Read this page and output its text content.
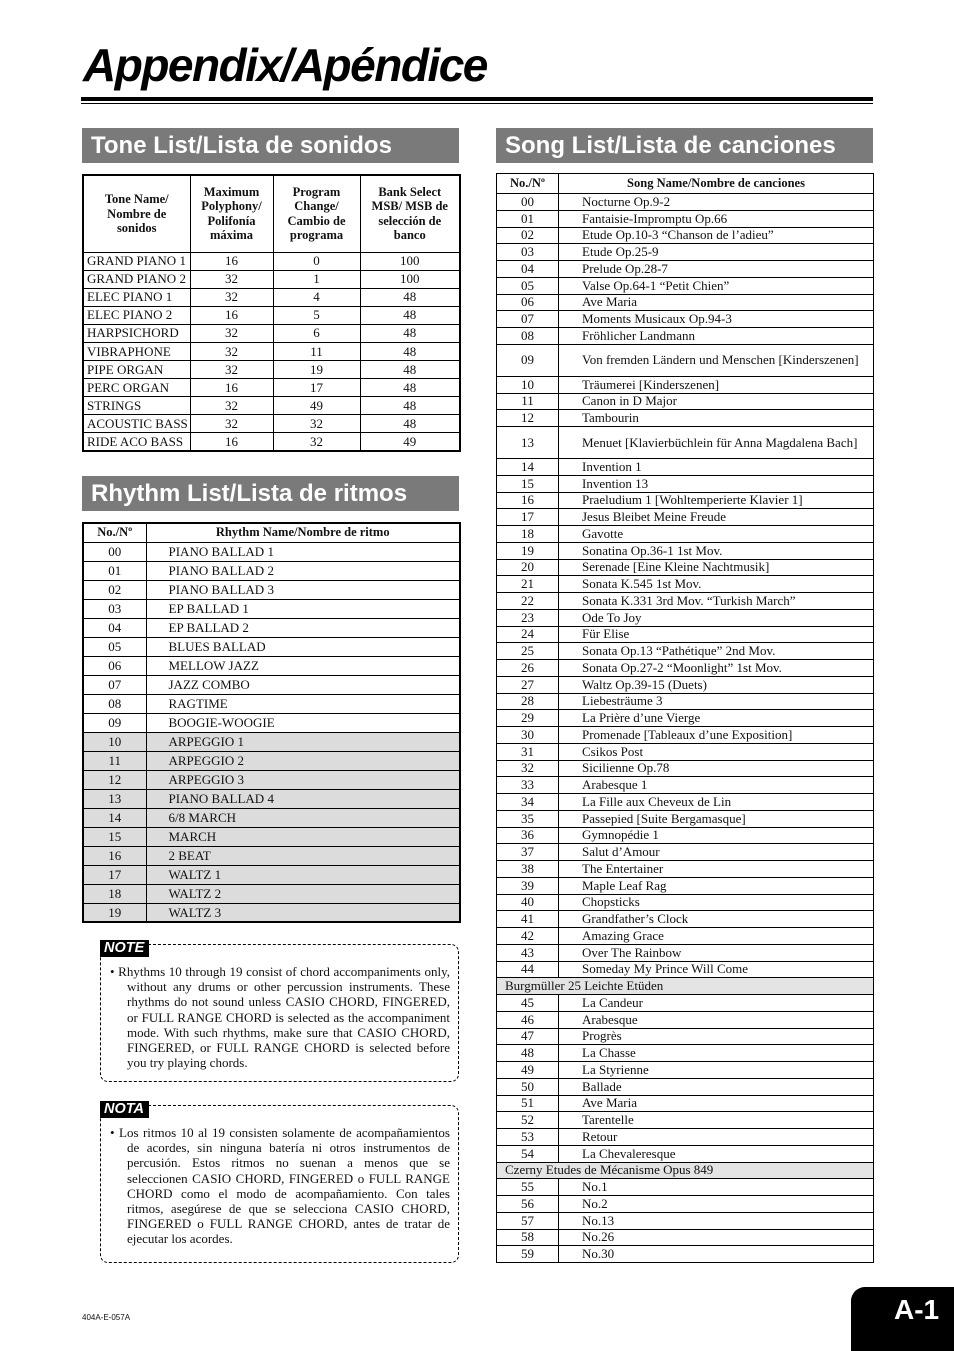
Appendix/Apéndice
Tone List/Lista de sonidos
Tone Name/ Nombre de sonidos	Maximum Polyphony/ Polifonía máxima	Program Change/ Cambio de programa	Bank Select MSB/ MSB de selección de banco
GRAND PIANO 1	16	0	100
GRAND PIANO 2	32	1	100
ELEC PIANO 1	32	4	48
ELEC PIANO 2	16	5	48
HARPSICHORD	32	6	48
VIBRAPHONE	32	11	48
PIPE ORGAN	32	19	48
PERC ORGAN	16	17	48
STRINGS	32	49	48
ACOUSTIC BASS	32	32	48
RIDE ACO BASS	16	32	49
Rhythm List/Lista de ritmos
No./Nº	Rhythm Name/Nombre de ritmo
00	PIANO BALLAD 1
01	PIANO BALLAD 2
02	PIANO BALLAD 3
03	EP BALLAD 1
04	EP BALLAD 2
05	BLUES BALLAD
06	MELLOW JAZZ
07	JAZZ COMBO
08	RAGTIME
09	BOOGIE-WOOGIE
10	ARPEGGIO 1
11	ARPEGGIO 2
12	ARPEGGIO 3
13	PIANO BALLAD 4
14	6/8 MARCH
15	MARCH
16	2 BEAT
17	WALTZ 1
18	WALTZ 2
19	WALTZ 3
NOTE
• Rhythms 10 through 19 consist of chord accompaniments only, without any drums or other percussion instruments. These rhythms do not sound unless CASIO CHORD, FINGERED, or FULL RANGE CHORD is selected as the accompaniment mode. With such rhythms, make sure that CASIO CHORD, FINGERED, or FULL RANGE CHORD is selected before you try playing chords.
NOTA
• Los ritmos 10 al 19 consisten solamente de acompañamientos de acordes, sin ninguna batería ni otros instrumentos de percusión. Estos ritmos no suenan a menos que se seleccionen CASIO CHORD, FINGERED o FULL RANGE CHORD como el modo de acompañamiento. Con tales ritmos, asegúrese de que se selecciona CASIO CHORD, FINGERED o FULL RANGE CHORD, antes de tratar de ejecutar los acordes.
Song List/Lista de canciones
No./Nº	Song Name/Nombre de canciones
00	Nocturne Op.9-2
01	Fantaisie-Impromptu Op.66
02	Etude Op.10-3 “Chanson de l’adieu”
03	Etude Op.25-9
04	Prelude Op.28-7
05	Valse Op.64-1 “Petit Chien”
06	Ave Maria
07	Moments Musicaux Op.94-3
08	Fröhlicher Landmann
09	Von fremden Ländern und Menschen [Kinderszenen]
10	Träumerei [Kinderszenen]
11	Canon in D Major
12	Tambourin
13	Menuet [Klavierbüchlein für Anna Magdalena Bach]
14	Invention 1
15	Invention 13
16	Praeludium 1 [Wohltemperierte Klavier 1]
17	Jesus Bleibet Meine Freude
18	Gavotte
19	Sonatina Op.36-1 1st Mov.
20	Serenade [Eine Kleine Nachtmusik]
21	Sonata K.545 1st Mov.
22	Sonata K.331 3rd Mov. “Turkish March”
23	Ode To Joy
24	Für Elise
25	Sonata Op.13 “Pathétique” 2nd Mov.
26	Sonata Op.27-2 “Moonlight” 1st Mov.
27	Waltz Op.39-15 (Duets)
28	Liebesträume 3
29	La Prière d’une Vierge
30	Promenade [Tableaux d’une Exposition]
31	Csikos Post
32	Sicilienne Op.78
33	Arabesque 1
34	La Fille aux Cheveux de Lin
35	Passepied [Suite Bergamasque]
36	Gymnopédie 1
37	Salut d’Amour
38	The Entertainer
39	Maple Leaf Rag
40	Chopsticks
41	Grandfather’s Clock
42	Amazing Grace
43	Over The Rainbow
44	Someday My Prince Will Come
Burgmüller 25 Leichte Etüden	
45	La Candeur
46	Arabesque
47	Progrès
48	La Chasse
49	La Styrienne
50	Ballade
51	Ave Maria
52	Tarentelle
53	Retour
54	La Chevaleresque
Czerny Etudes de Mécanisme Opus 849	
55	No.1
56	No.2
57	No.13
58	No.26
59	No.30
404A-E-057A	A-1
